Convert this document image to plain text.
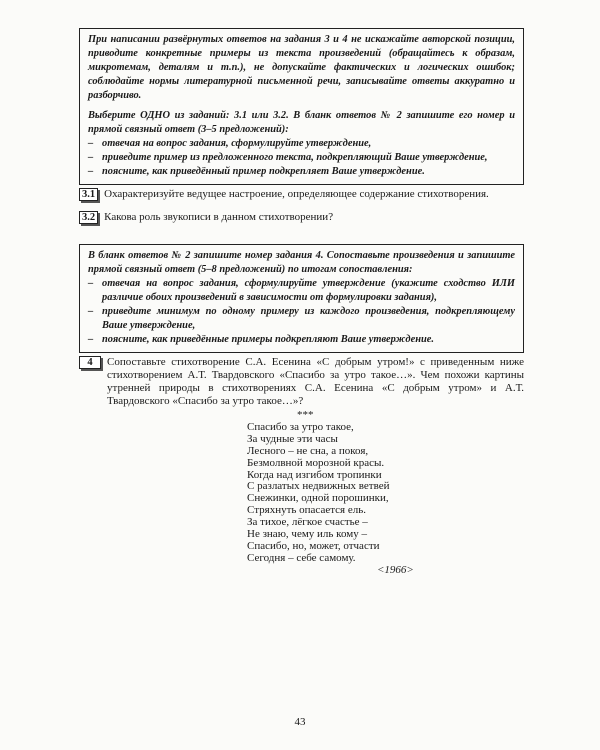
При написании развёрнутых ответов на задания 3 и 4 не искажайте авторской позиции, приводите конкретные примеры из текста произведений (обращайтесь к образам, микротемам, деталям и т.п.), не допускайте фактических и логических ошибок; соблюдайте нормы литературной письменной речи, записывайте ответы аккуратно и разборчиво.

Выберите ОДНО из заданий: 3.1 или 3.2. В бланк ответов № 2 запишите его номер и прямой связный ответ (3–5 предложений):

– отвечая на вопрос задания, сформулируйте утверждение,
– приведите пример из предложенного текста, подкрепляющий Ваше утверждение,
– поясните, как приведённый пример подкрепляет Ваше утверждение.
3.1 Охарактеризуйте ведущее настроение, определяющее содержание стихотворения.
3.2 Какова роль звукописи в данном стихотворении?

В бланк ответов № 2 запишите номер задания 4. Сопоставьте произведения и запишите прямой связный ответ (5–8 предложений) по итогам сопоставления:

– отвечая на вопрос задания, сформулируйте утверждение (укажите сходство ИЛИ различие обоих произведений в зависимости от формулировки задания),
– приведите минимум по одному примеру из каждого произведения, подкрепляющему Ваше утверждение,
– поясните, как приведённые примеры подкрепляют Ваше утверждение.
4	Сопоставьте стихотворение С.А. Есенина «С добрым утром!» с приведенным ниже стихотворением А.Т. Твардовского «Спасибо за утро такое…». Чем похожи картины утренней природы в стихотворениях С.А. Есенина «С добрым утром» и А.Т. Твардовского «Спасибо за утро такое…»?
***
Спасибо за утро такое,
За чудные эти часы
Лесного – не сна, а покоя,
Безмолвной морозной красы.
Когда над изгибом тропинки
С разлатых недвижных ветвей
Снежинки, одной порошинки,
Стряхнуть опасается ель.
За тихое, лёгкое счастье –
Не знаю, чему иль кому –
Спасибо, но, может, отчасти
Сегодня – себе самому.
<1966>
43
